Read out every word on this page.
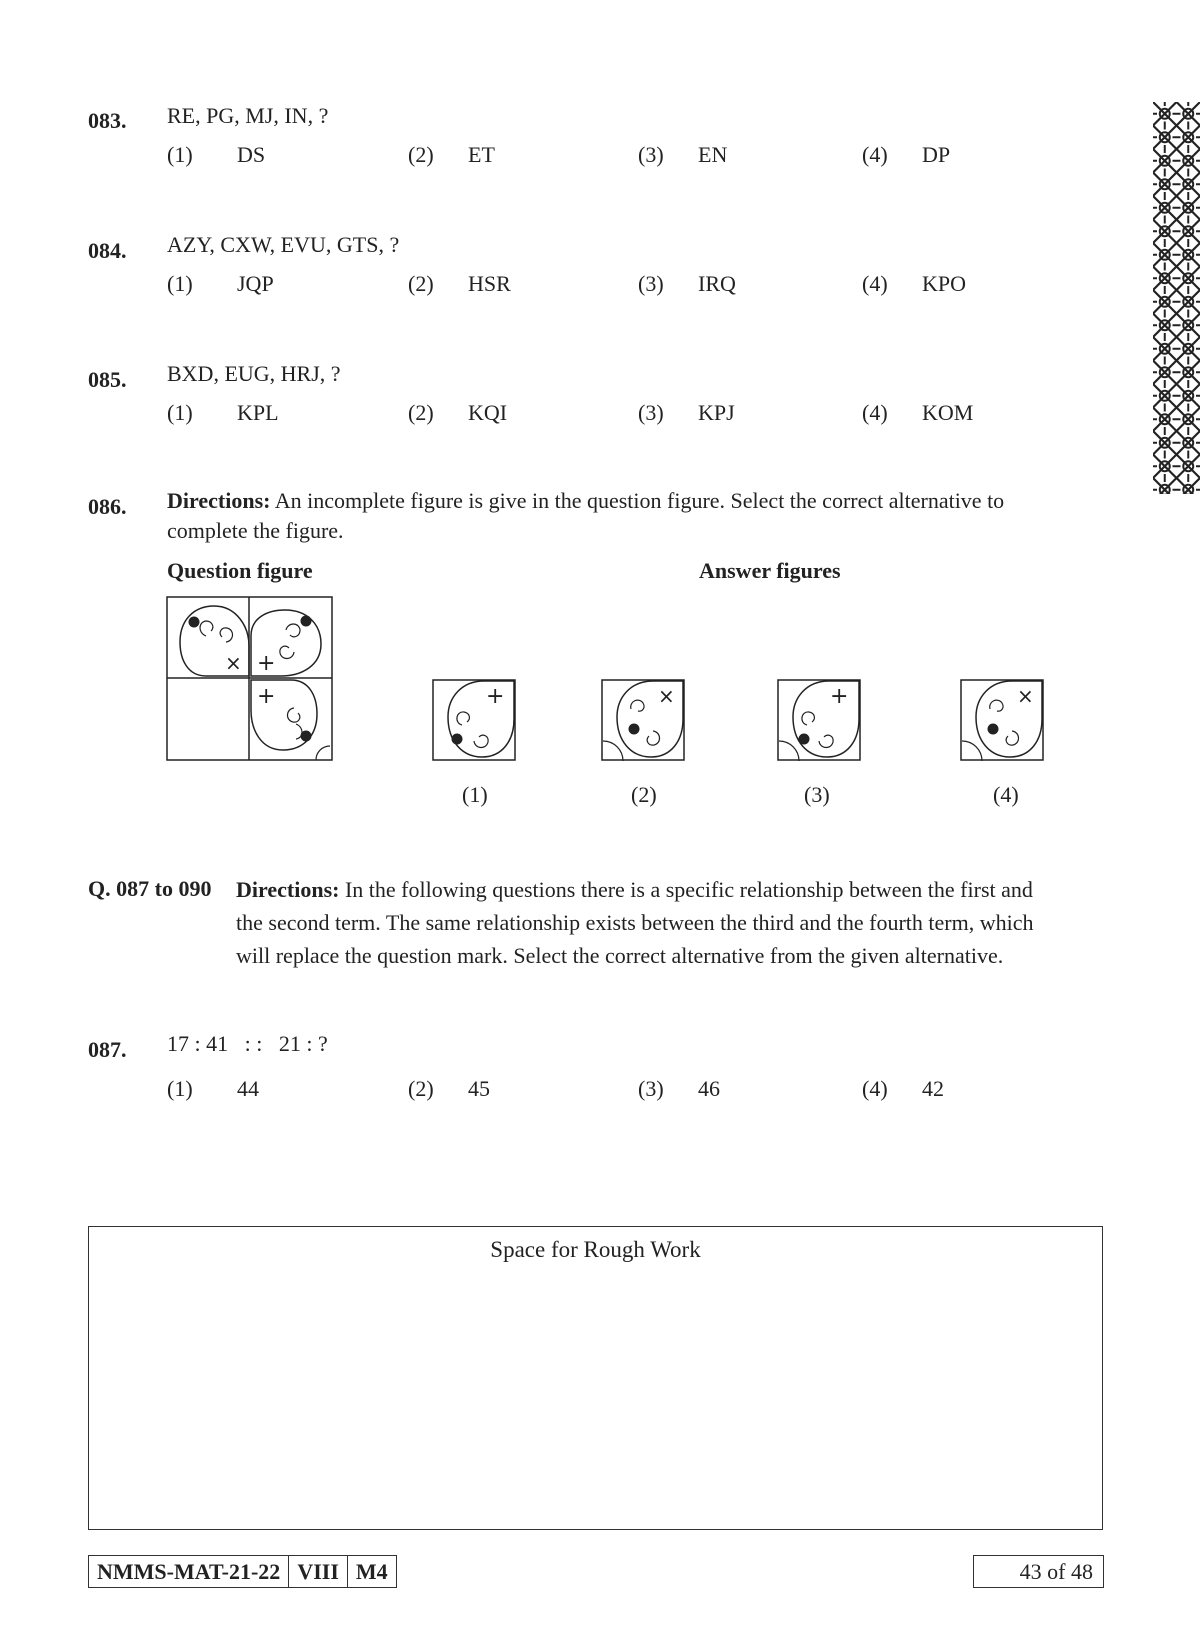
083. RE, PG, MJ, IN, ?
(1) DS	(2) ET	(3) EN	(4) DP
084. AZY, CXW, EVU, GTS, ?
(1) JQP	(2) HSR	(3) IRQ	(4) KPO
085. BXD, EUG, HRJ, ?
(1) KPL	(2) KQI	(3) KPJ	(4) KOM
086. Directions: An incomplete figure is give in the question figure. Select the correct alternative to
complete the figure.
Question figure	Answer figures
× +
+	+	×	+	×
(1)	(2)	(3)	(4)
Q. 087 to 090 Directions: In the following questions there is a specific relationship between the first and
the second term. The same relationship exists between the third and the fourth term, which
will replace the question mark. Select the correct alternative from the given alternative.
087. 17 : 41   : :   21 : ?
(1) 44	(2) 45	(3) 46	(4) 42
Space for Rough Work
NMMS-MAT-21-22 VIII M4	43 of 48
